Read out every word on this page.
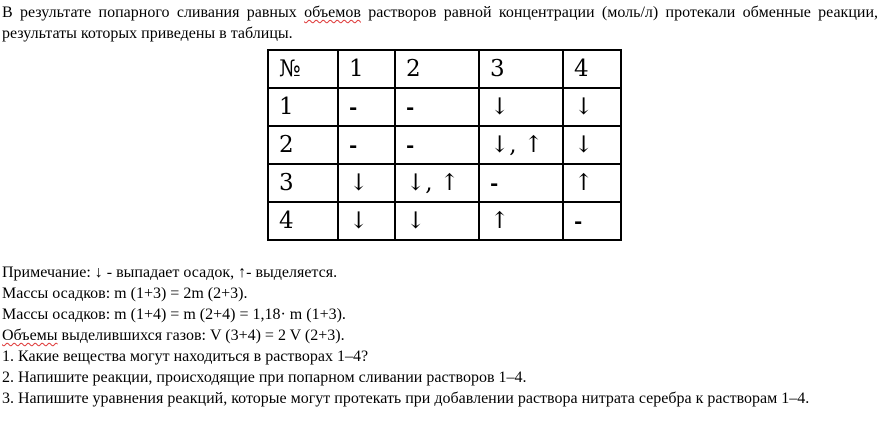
В результате попарного сливания равных объемов растворов равной концентрации (моль/л) протекали обменные реакции, результаты которых приведены в таблицы.
№	1	2	3	4
1	-	-	↓	↓
2	-	-	↓, ↑	↓
3	↓	↓, ↑	-	↑
4	↓	↓	↑	-
Примечание: ↓ - выпадает осадок, ↑- выделяется.
Массы осадков: m (1+3) = 2m (2+3).
Массы осадков: m (1+4) = m (2+4) = 1,18· m (1+3).
Объемы выделившихся газов: V (3+4) = 2 V (2+3).
1. Какие вещества могут находиться в растворах 1–4?
2. Напишите реакции, происходящие при попарном сливании растворов 1–4.
3. Напишите уравнения реакций, которые могут протекать при добавлении раствора нитрата серебра к растворам 1–4.
